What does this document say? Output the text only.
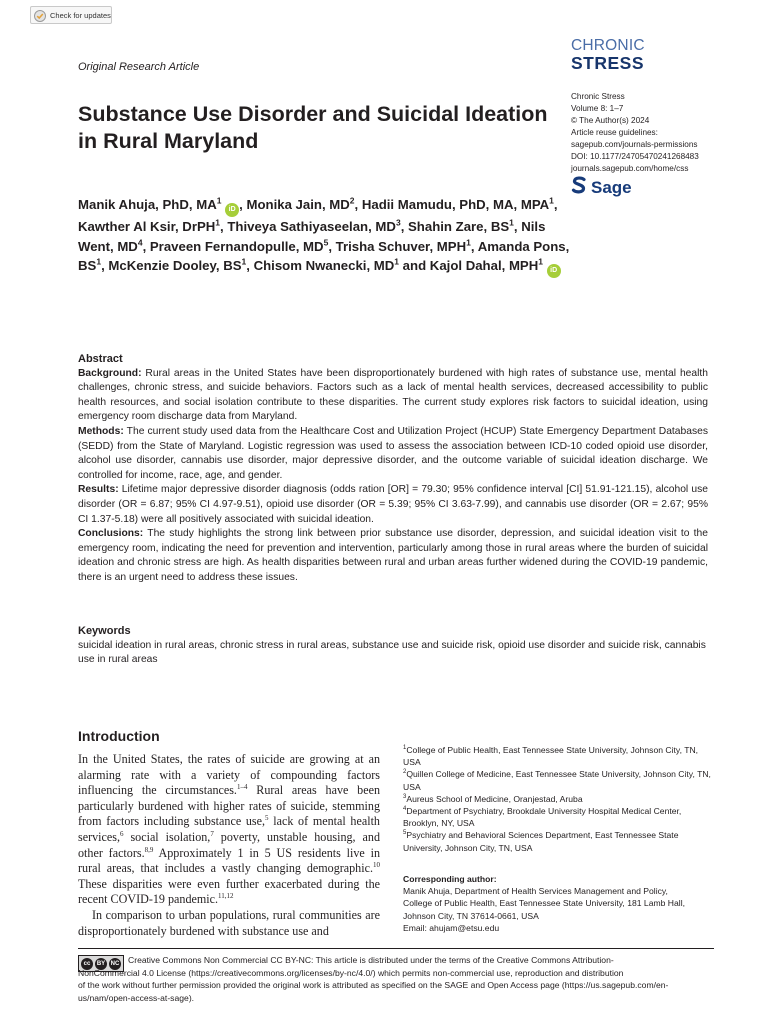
Check for updates
Original Research Article
CHRONIC
STRESS
Chronic Stress
Volume 8: 1–7
© The Author(s) 2024
Article reuse guidelines:
sagepub.com/journals-permissions
DOI: 10.1177/24705470241268483
journals.sagepub.com/home/css
Sage
Substance Use Disorder and Suicidal Ideation in Rural Maryland
Manik Ahuja, PhD, $MA^1$ iD , Monika Jain, $MD^2$, Hadii Mamudu, PhD, MA, MPA$^1$, Kawther Al Ksir, DrPH$^1$, Thiveya Sathiyaseelan, $MD^3$, Shahin Zare, $BS^1$, Nils Went, $MD^4$, Praveen Fernandopulle, $MD^5$, Trisha Schuver, MPH$^1$, Amanda Pons, $BS^1$, McKenzie Dooley, $BS^1$, Chisom Nwanecki, $MD^1$ and Kajol Dahal, MPH$^1$ iD
Abstract

Background: Rural areas in the United States have been disproportionately burdened with high rates of substance use, mental health challenges, chronic stress, and suicide behaviors. Factors such as a lack of mental health services, decreased accessibility to public health resources, and social isolation contribute to these disparities. The current study explores risk factors to suicidal ideation, using emergency room discharge data from Maryland.

Methods: The current study used data from the Healthcare Cost and Utilization Project (HCUP) State Emergency Department Databases (SEDD) from the State of Maryland. Logistic regression was used to assess the association between ICD-10 coded opioid use disorder, alcohol use disorder, cannabis use disorder, major depressive disorder, and the outcome variable of suicidal ideation discharge. We controlled for income, race, age, and gender.

Results: Lifetime major depressive disorder diagnosis (odds ration [OR] = 79.30; 95% confidence interval [CI] 51.91-121.15), alcohol use disorder (OR = 6.87; 95% CI 4.97-9.51), opioid use disorder (OR = 5.39; 95% CI 3.63-7.99), and cannabis use disorder (OR = 2.67; 95% CI 1.37-5.18) were all positively associated with suicidal ideation.

Conclusions: The study highlights the strong link between prior substance use disorder, depression, and suicidal ideation visit to the emergency room, indicating the need for prevention and intervention, particularly among those in rural areas where the burden of suicidal ideation and chronic stress are high. As health disparities between rural and urban areas further widened during the COVID-19 pandemic, there is an urgent need to address these issues.

Keywords
suicidal ideation in rural areas, chronic stress in rural areas, substance use and suicide risk, opioid use disorder and suicide risk, cannabis use in rural areas
Introduction

In the United States, the rates of suicide are growing at an alarming rate with a variety of compounding factors influencing the circumstances.$^{1-4}$ Rural areas have been particularly burdened with higher rates of suicide, stemming from factors including substance use,$^5$ lack of mental health services,$^6$ social isolation,$^7$ poverty, unstable housing, and other factors.$^{8,9}$ Approximately 1 in 5 US residents live in rural areas, that includes a vastly changing demographic.$^{10}$ These disparities were even further exacerbated during the recent COVID-19 pandemic.$^{11,12}$

In comparison to urban populations, rural communities are disproportionately burdened with substance use and

$^1$College of Public Health, East Tennessee State University, Johnson City, TN, USA
$^2$Quillen College of Medicine, East Tennessee State University, Johnson City, TN, USA
$^3$Aureus School of Medicine, Oranjestad, Aruba
$^4$Department of Psychiatry, Brookdale University Hospital Medical Center, Brooklyn, NY, USA
$^5$Psychiatry and Behavioral Sciences Department, East Tennessee State University, Johnson City, TN, USA
Corresponding author:
Manik Ahuja, Department of Health Services Management and Policy,
College of Public Health, East Tennessee State University, 181 Lamb Hall,
Johnson City, TN 37614-0661, USA
Email: ahujam@etsu.edu
cc	BY NC	Creative Commons Non Commercial CC BY-NC: This article is distributed under the terms of the Creative Commons Attribution-
NonCommercial 4.0 License (https://creativecommons.org/licenses/by-nc/4.0/) which permits non-commercial use, reproduction and distribution
of the work without further permission provided the original work is attributed as specified on the SAGE and Open Access page (https://us.sagepub.com/en-
us/nam/open-access-at-sage).
